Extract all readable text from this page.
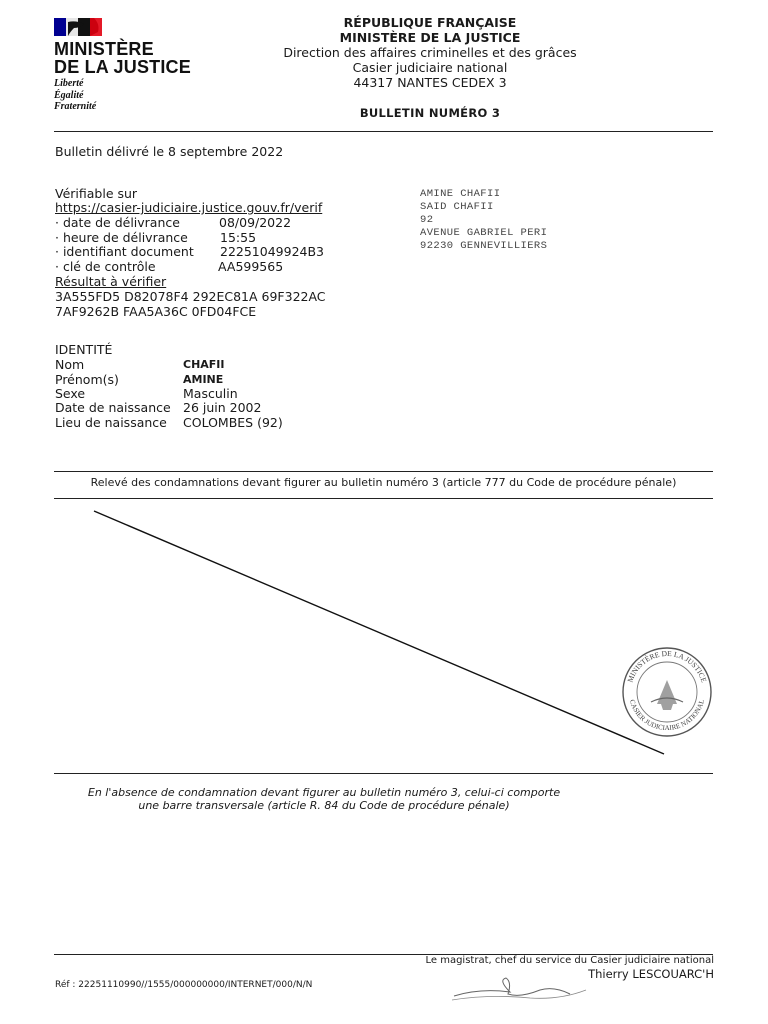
MINISTÈRE
DE LA JUSTICE
Liberté
Égalité
Fraternité
RÉPUBLIQUE FRANÇAISE
MINISTÈRE DE LA JUSTICE
Direction des affaires criminelles et des grâces
Casier judiciaire national
44317 NANTES CEDEX 3
BULLETIN NUMÉRO 3
Bulletin délivré le 8 septembre 2022
Vérifiable sur
https://casier-judiciaire.justice.gouv.fr/verif
· date de délivrance	08/09/2022
· heure de délivrance	15:55
· identifiant document 22251049924B3
· clé de contrôle	AA599565
Résultat à vérifier
3A555FD5 D82078F4 292EC81A 69F322AC
7AF9262B FAA5A36C 0FD04FCE
AMINE CHAFII
SAID CHAFII
92
AVENUE GABRIEL PERI
92230 GENNEVILLIERS
IDENTITÉ
Nom	CHAFII
Prénom(s)	AMINE
Sexe	Masculin
Date de naissance 26 juin 2002
Lieu de naissance COLOMBES (92)
Relevé des condamnations devant figurer au bulletin numéro 3 (article 777 du Code de procédure pénale)
MINISTÈRE DE LA JUSTICE
CASIER JUDICIAIRE NATIONAL
En l'absence de condamnation devant figurer au bulletin numéro 3, celui-ci comporte
une barre transversale (article R. 84 du Code de procédure pénale)
Le magistrat, chef du service du Casier judiciaire national
Thierry LESCOUARC'H
Réf : 22251110990//1555/000000000/INTERNET/000/N/N
